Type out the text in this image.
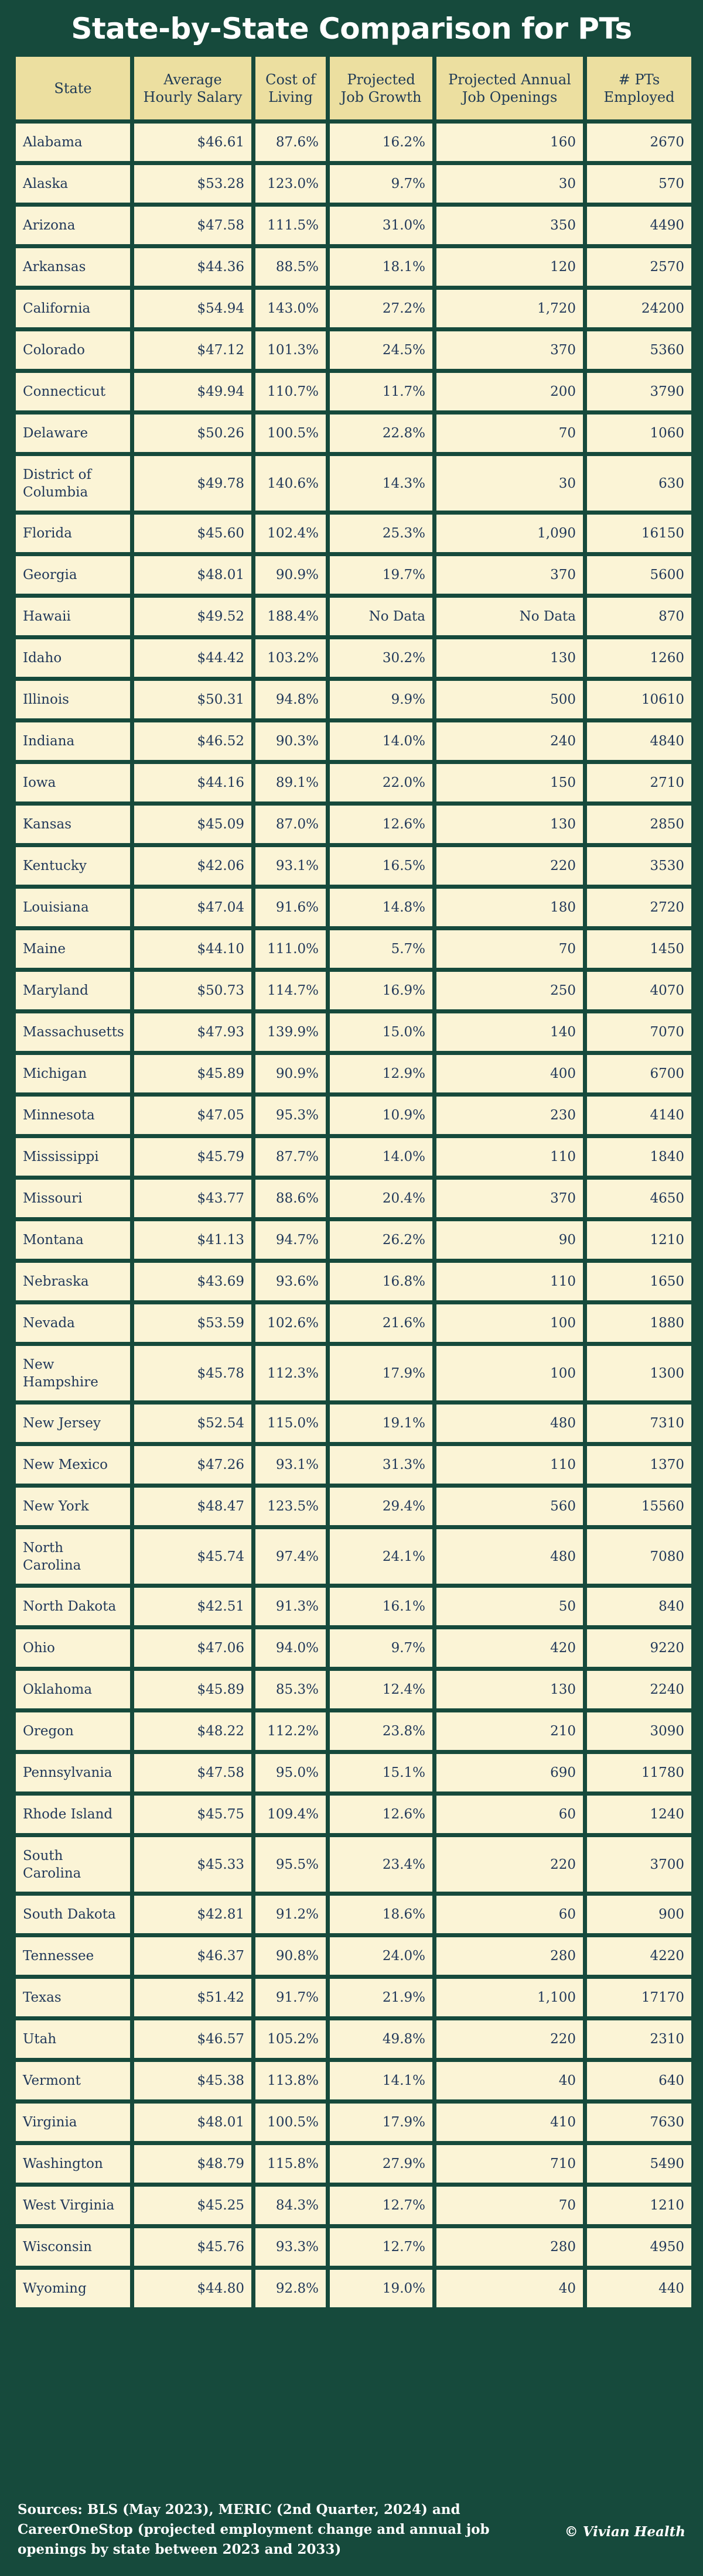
State-by-State Comparison for PTs
State	Average Hourly Salary	Cost of Living	Projected Job Growth	Projected Annual Job Openings	# PTs Employed
Alabama	$46.61	87.6%	16.2%	160	2670
Alaska	$53.28	123.0%	9.7%	30	570
Arizona	$47.58	111.5%	31.0%	350	4490
Arkansas	$44.36	88.5%	18.1%	120	2570
California	$54.94	143.0%	27.2%	1,720	24200
Colorado	$47.12	101.3%	24.5%	370	5360
Connecticut	$49.94	110.7%	11.7%	200	3790
Delaware	$50.26	100.5%	22.8%	70	1060
District of Columbia	$49.78	140.6%	14.3%	30	630
Florida	$45.60	102.4%	25.3%	1,090	16150
Georgia	$48.01	90.9%	19.7%	370	5600
Hawaii	$49.52	188.4%	No Data	No Data	870
Idaho	$44.42	103.2%	30.2%	130	1260
Illinois	$50.31	94.8%	9.9%	500	10610
Indiana	$46.52	90.3%	14.0%	240	4840
Iowa	$44.16	89.1%	22.0%	150	2710
Kansas	$45.09	87.0%	12.6%	130	2850
Kentucky	$42.06	93.1%	16.5%	220	3530
Louisiana	$47.04	91.6%	14.8%	180	2720
Maine	$44.10	111.0%	5.7%	70	1450
Maryland	$50.73	114.7%	16.9%	250	4070
Massachusetts	$47.93	139.9%	15.0%	140	7070
Michigan	$45.89	90.9%	12.9%	400	6700
Minnesota	$47.05	95.3%	10.9%	230	4140
Mississippi	$45.79	87.7%	14.0%	110	1840
Missouri	$43.77	88.6%	20.4%	370	4650
Montana	$41.13	94.7%	26.2%	90	1210
Nebraska	$43.69	93.6%	16.8%	110	1650
Nevada	$53.59	102.6%	21.6%	100	1880
New Hampshire	$45.78	112.3%	17.9%	100	1300
New Jersey	$52.54	115.0%	19.1%	480	7310
New Mexico	$47.26	93.1%	31.3%	110	1370
New York	$48.47	123.5%	29.4%	560	15560
North Carolina	$45.74	97.4%	24.1%	480	7080
North Dakota	$42.51	91.3%	16.1%	50	840
Ohio	$47.06	94.0%	9.7%	420	9220
Oklahoma	$45.89	85.3%	12.4%	130	2240
Oregon	$48.22	112.2%	23.8%	210	3090
Pennsylvania	$47.58	95.0%	15.1%	690	11780
Rhode Island	$45.75	109.4%	12.6%	60	1240
South Carolina	$45.33	95.5%	23.4%	220	3700
South Dakota	$42.81	91.2%	18.6%	60	900
Tennessee	$46.37	90.8%	24.0%	280	4220
Texas	$51.42	91.7%	21.9%	1,100	17170
Utah	$46.57	105.2%	49.8%	220	2310
Vermont	$45.38	113.8%	14.1%	40	640
Virginia	$48.01	100.5%	17.9%	410	7630
Washington	$48.79	115.8%	27.9%	710	5490
West Virginia	$45.25	84.3%	12.7%	70	1210
Wisconsin	$45.76	93.3%	12.7%	280	4950
Wyoming	$44.80	92.8%	19.0%	40	440
Sources: BLS (May 2023), MERIC (2nd Quarter, 2024) and CareerOneStop (projected employment change and annual job openings by state between 2023 and 2033)
© Vivian Health
